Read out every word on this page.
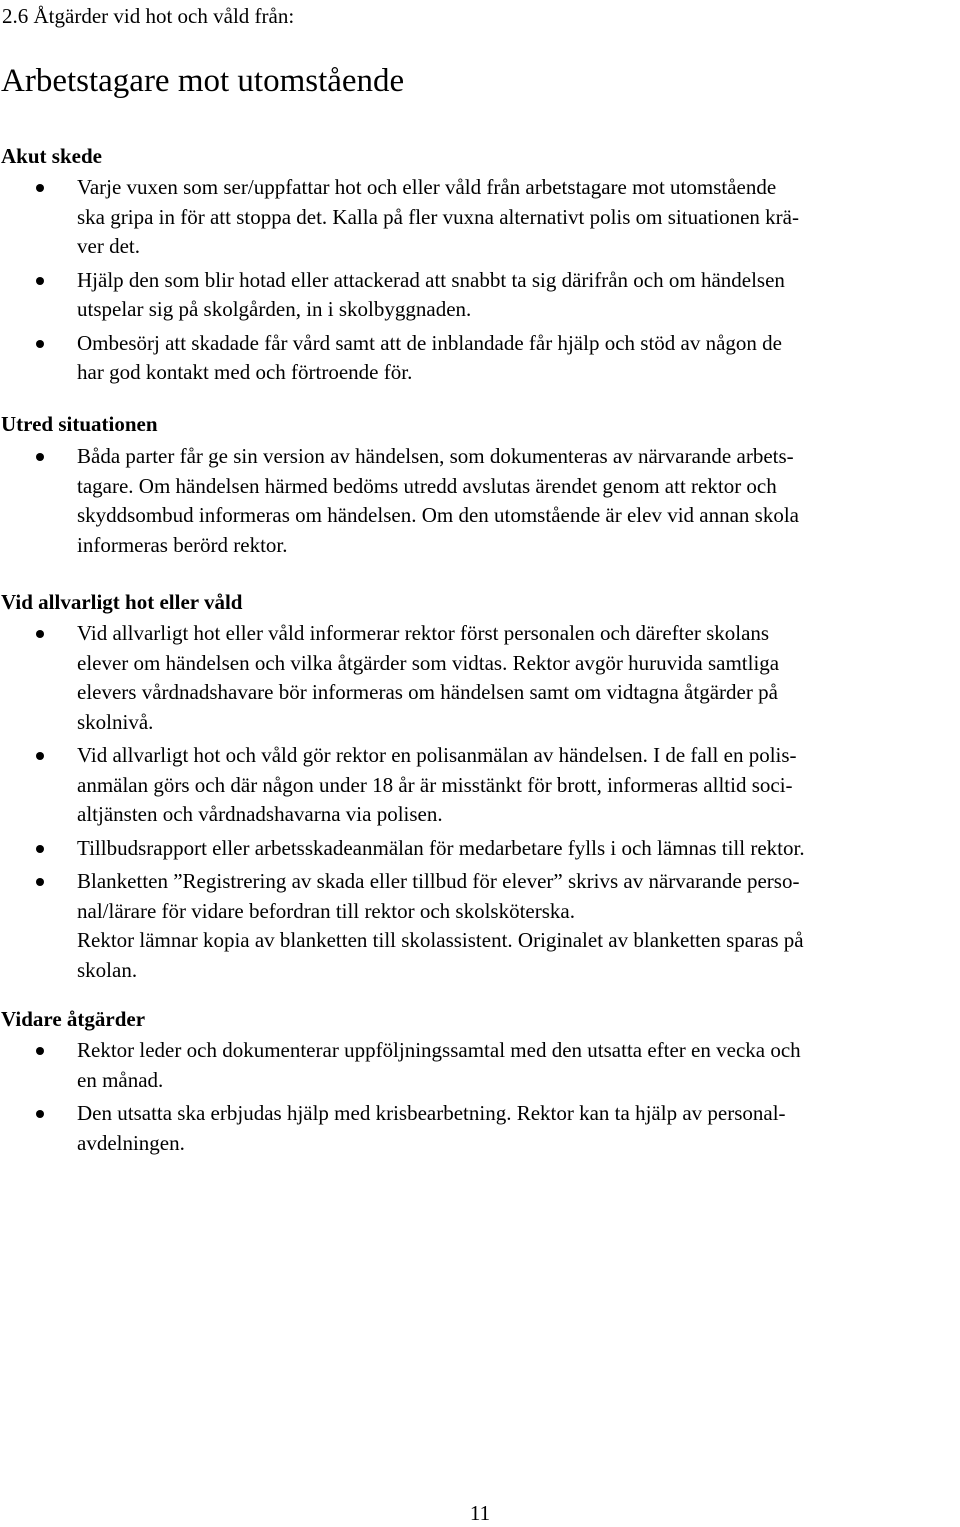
2.6 Åtgärder vid hot och våld från:
Arbetstagare mot utomstående
Akut skede
Varje vuxen som ser/uppfattar hot och eller våld från arbetstagare mot utomstående
ska gripa in för att stoppa det. Kalla på fler vuxna alternativt polis om situationen krä-
ver det.
Hjälp den som blir hotad eller attackerad att snabbt ta sig därifrån och om händelsen
utspelar sig på skolgården, in i skolbyggnaden.
Ombesörj att skadade får vård samt att de inblandade får hjälp och stöd av någon de
har god kontakt med och förtroende för.
Utred situationen
Båda parter får ge sin version av händelsen, som dokumenteras av närvarande arbets-
tagare. Om händelsen härmed bedöms utredd avslutas ärendet genom att rektor och
skyddsombud informeras om händelsen. Om den utomstående är elev vid annan skola
informeras berörd rektor.
Vid allvarligt hot eller våld
Vid allvarligt hot eller våld informerar rektor först personalen och därefter skolans
elever om händelsen och vilka åtgärder som vidtas. Rektor avgör huruvida samtliga
elevers vårdnadshavare bör informeras om händelsen samt om vidtagna åtgärder på
skolnivå.
Vid allvarligt hot och våld gör rektor en polisanmälan av händelsen. I de fall en polis-
anmälan görs och där någon under 18 år är misstänkt för brott, informeras alltid soci-
altjänsten och vårdnadshavarna via polisen.
Tillbudsrapport eller arbetsskadeanmälan för medarbetare fylls i och lämnas till rektor.
Blanketten ”Registrering av skada eller tillbud för elever” skrivs av närvarande perso-
nal/lärare för vidare befordran till rektor och skolsköterska.
Rektor lämnar kopia av blanketten till skolassistent. Originalet av blanketten sparas på
skolan.
Vidare åtgärder
Rektor leder och dokumenterar uppföljningssamtal med den utsatta efter en vecka och
en månad.
Den utsatta ska erbjudas hjälp med krisbearbetning. Rektor kan ta hjälp av personal-
avdelningen.
11
